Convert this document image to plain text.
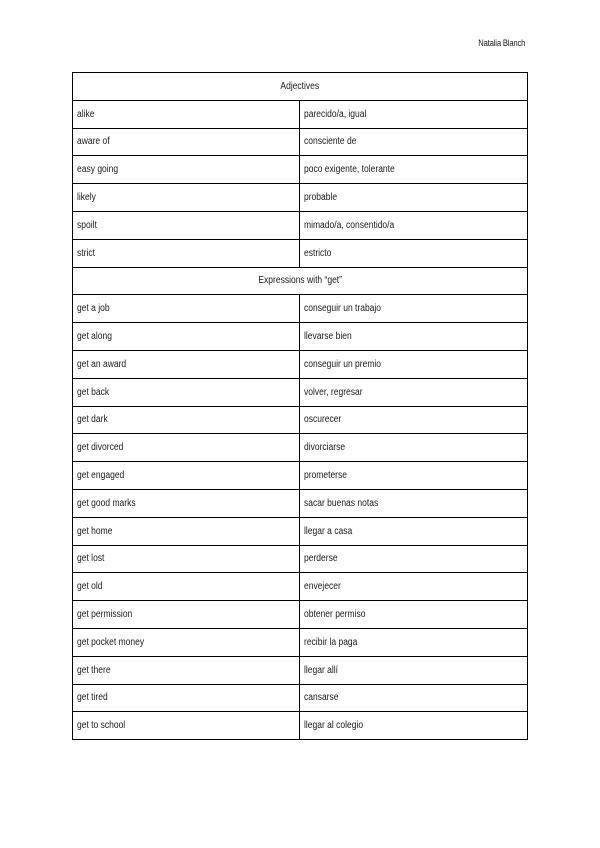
Natalia Blanch
Adjectives	
alike	parecido/a, igual
aware of	consciente de
easy going	poco exigente, tolerante
likely	probable
spoilt	mimado/a, consentido/a
strict	estricto
Expressions with “get”	
get a job	conseguir un trabajo
get along	llevarse bien
get an award	conseguir un premio
get back	volver, regresar
get dark	oscurecer
get divorced	divorciarse
get engaged	prometerse
get good marks	sacar buenas notas
get home	llegar a casa
get lost	perderse
get old	envejecer
get permission	obtener permiso
get pocket money	recibir la paga
get there	llegar allí
get tired	cansarse
get to school	llegar al colegio
